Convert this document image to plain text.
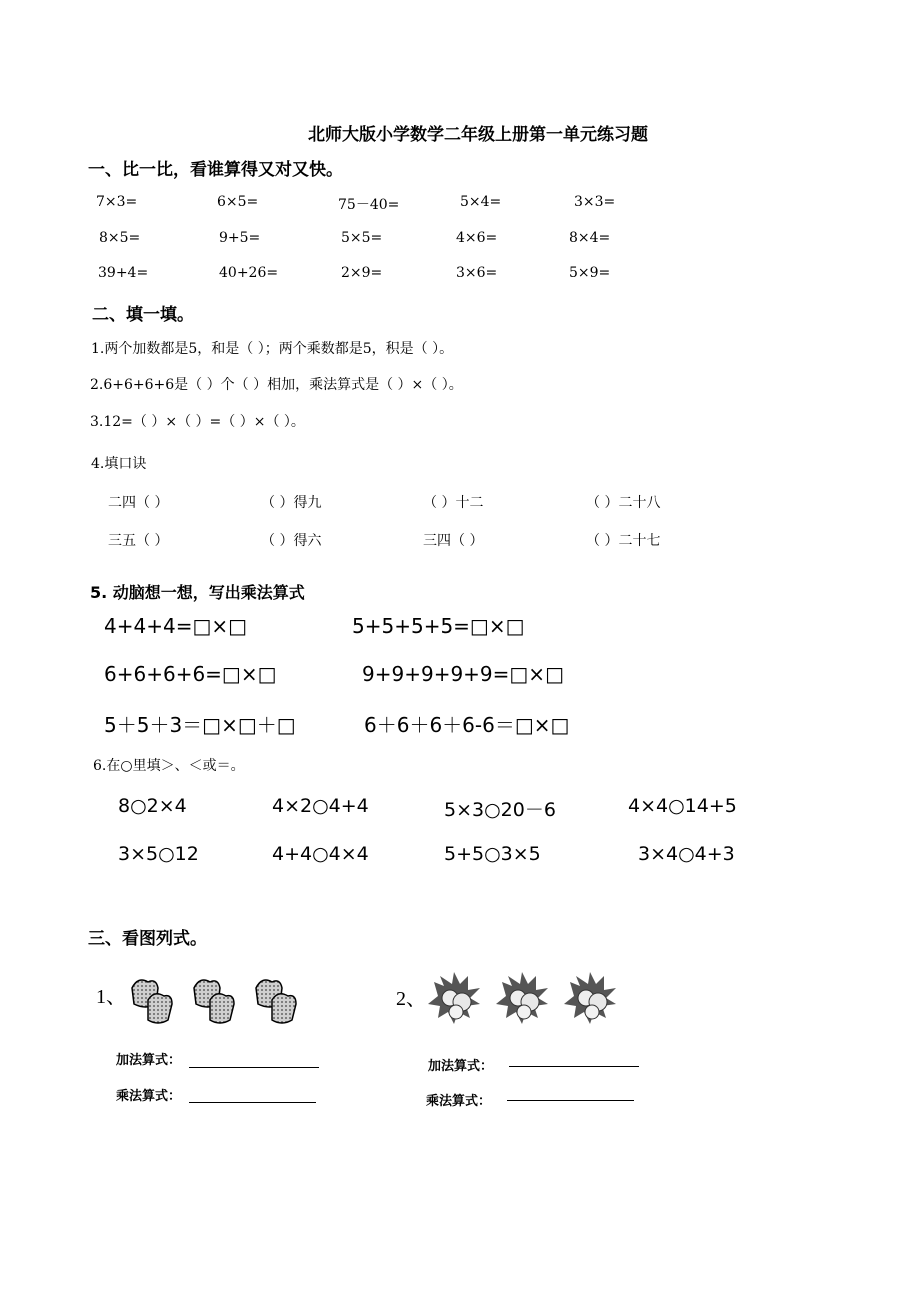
北师大版小学数学二年级上册第一单元练习题
一、比一比，看谁算得又对又快。
7×3=	6×5=	75－40=	5×4=	3×3=
8×5=	9+5=	5×5=	4×6=	8×4=
39+4=	40+26=	2×9=	3×6=	5×9=
二、填一填。
1.两个加数都是5，和是（ ）；两个乘数都是5，积是（ ）。
2.6+6+6+6是（ ）个（ ）相加，乘法算式是（ ）×（ ）。
3.12=（ ）×（ ）=（ ）×（ ）。
4.填口诀
二四（ ）	（ ）得九	（ ）十二	（ ）二十八
三五（ ）	（ ）得六	三四（ ）	（ ）二十七
5. 动脑想一想，写出乘法算式
4+4+4=□×□	5+5+5+5=□×□
6+6+6+6=□×□	9+9+9+9+9=□×□
5＋5＋3＝□×□＋□	6＋6＋6＋6-6＝□×□
6.在○里填＞、＜或＝。
8○2×4	4×2○4+4	5×3○20－6	4×4○14+5
3×5○12	4+4○4×4	5+5○3×5	3×4○4+3
三、看图列式。
1、	2、
加法算式：
乘法算式：
加法算式：
乘法算式：
